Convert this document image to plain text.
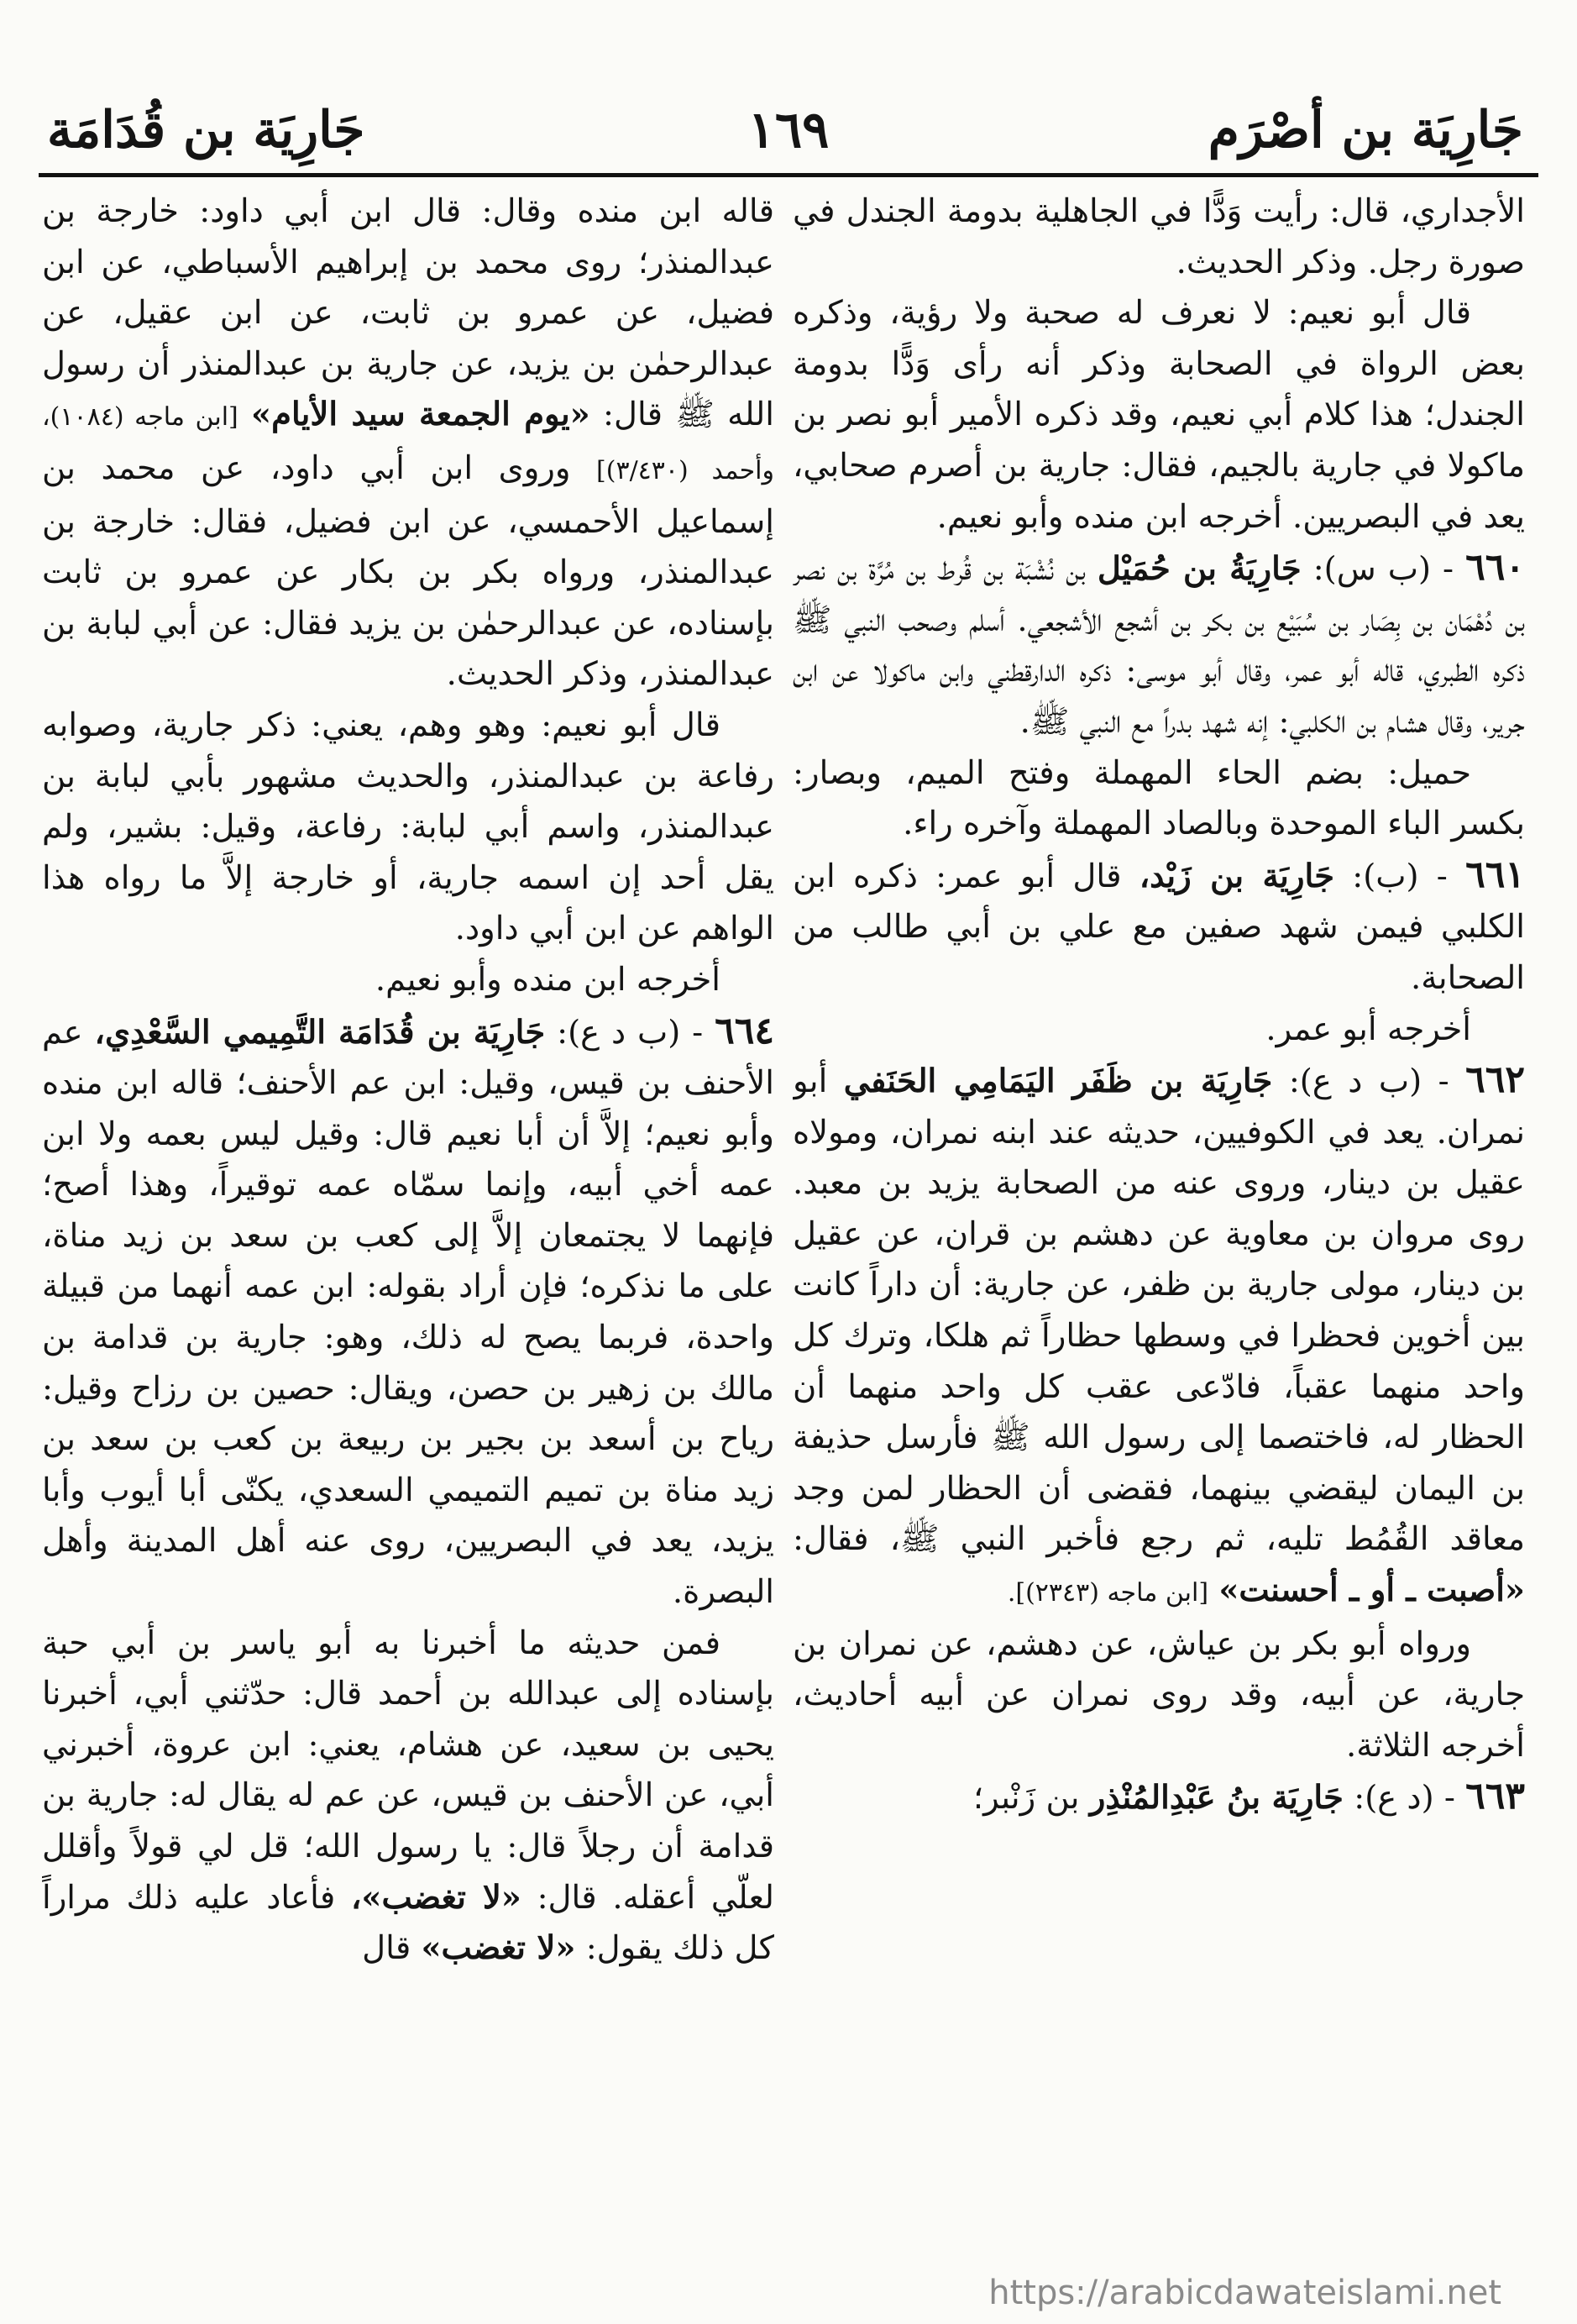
جَارِيَة بن أصْرَم
١٦٩
جَارِيَة بن قُدَامَة

الأجداري، قال: رأيت وَدًّا في الجاهلية بدومة الجندل في صورة رجل. وذكر الحديث.

قال أبو نعيم: لا نعرف له صحبة ولا رؤية، وذكره بعض الرواة في الصحابة وذكر أنه رأى وَدًّا بدومة الجندل؛ هذا كلام أبي نعيم، وقد ذكره الأمير أبو نصر بن ماكولا في جارية بالجيم، فقال: جارية بن أصرم صحابي، يعد في البصريين. أخرجه ابن منده وأبو نعيم.

٦٦٠ - (ب س): جَارِيَةُ بن حُمَيْل بن نُشْبَة بن قُرط بن مُرَّة بن نصر بن دُهْمَان بن بِصَار بن سُبَيْع بن بكر بن أشجع الأشجعي. أسلم وصحب النبي ﷺ ذكره الطبري، قاله أبو عمر، وقال أبو موسى: ذكره الدارقطني وابن ماكولا عن ابن جرير، وقال هشام بن الكلبي: إنه شهد بدراً مع النبي ﷺ.

حميل: بضم الحاء المهملة وفتح الميم، وبصار: بكسر الباء الموحدة وبالصاد المهملة وآخره راء.

٦٦١ - (ب): جَارِيَة بن زَيْد، قال أبو عمر: ذكره ابن الكلبي فيمن شهد صفين مع علي بن أبي طالب من الصحابة.

أخرجه أبو عمر.

٦٦٢ - (ب د ع): جَارِيَة بن ظَفَر اليَمَامِي الحَنَفي أبو نمران. يعد في الكوفيين، حديثه عند ابنه نمران، ومولاه عقيل بن دينار، وروى عنه من الصحابة يزيد بن معبد. روى مروان بن معاوية عن دهشم بن قران، عن عقيل بن دينار، مولى جارية بن ظفر، عن جارية: أن داراً كانت بين أخوين فحظرا في وسطها حظاراً ثم هلكا، وترك كل واحد منهما عقباً، فادّعى عقب كل واحد منهما أن الحظار له، فاختصما إلى رسول الله ﷺ فأرسل حذيفة بن اليمان ليقضي بينهما، فقضى أن الحظار لمن وجد معاقد القُمُط تليه، ثم رجع فأخبر النبي ﷺ، فقال: «أصبت ـ أو ـ أحسنت» [ابن ماجه (٢٣٤٣)].

ورواه أبو بكر بن عياش، عن دهشم، عن نمران بن جارية، عن أبيه، وقد روى نمران عن أبيه أحاديث، أخرجه الثلاثة.

٦٦٣ - (د ع): جَارِيَة بنُ عَبْدِالمُنْذِر بن زَنْبر؛

قاله ابن منده وقال: قال ابن أبي داود: خارجة بن عبدالمنذر؛ روى محمد بن إبراهيم الأسباطي، عن ابن فضيل، عن عمرو بن ثابت، عن ابن عقيل، عن عبدالرحمٰن بن يزيد، عن جارية بن عبدالمنذر أن رسول الله ﷺ قال: «يوم الجمعة سيد الأيام» [ابن ماجه (١٠٨٤)، وأحمد (٣/٤٣٠)] وروى ابن أبي داود، عن محمد بن إسماعيل الأحمسي، عن ابن فضيل، فقال: خارجة بن عبدالمنذر، ورواه بكر بن بكار عن عمرو بن ثابت بإسناده، عن عبدالرحمٰن بن يزيد فقال: عن أبي لبابة بن عبدالمنذر، وذكر الحديث.

قال أبو نعيم: وهو وهم، يعني: ذكر جارية، وصوابه رفاعة بن عبدالمنذر، والحديث مشهور بأبي لبابة بن عبدالمنذر، واسم أبي لبابة: رفاعة، وقيل: بشير، ولم يقل أحد إن اسمه جارية، أو خارجة إلاَّ ما رواه هذا الواهم عن ابن أبي داود.

أخرجه ابن منده وأبو نعيم.

٦٦٤ - (ب د ع): جَارِيَة بن قُدَامَة التَّمِيمي السَّعْدِي، عم الأحنف بن قيس، وقيل: ابن عم الأحنف؛ قاله ابن منده وأبو نعيم؛ إلاَّ أن أبا نعيم قال: وقيل ليس بعمه ولا ابن عمه أخي أبيه، وإنما سمّاه عمه توقيراً، وهذا أصح؛ فإنهما لا يجتمعان إلاَّ إلى كعب بن سعد بن زيد مناة، على ما نذكره؛ فإن أراد بقوله: ابن عمه أنهما من قبيلة واحدة، فربما يصح له ذلك، وهو: جارية بن قدامة بن مالك بن زهير بن حصن، ويقال: حصين بن رزاح وقيل: رياح بن أسعد بن بجير بن ربيعة بن كعب بن سعد بن زيد مناة بن تميم التميمي السعدي، يكنّى أبا أيوب وأبا يزيد، يعد في البصريين، روى عنه أهل المدينة وأهل البصرة.

فمن حديثه ما أخبرنا به أبو ياسر بن أبي حبة بإسناده إلى عبدالله بن أحمد قال: حدّثني أبي، أخبرنا يحيى بن سعيد، عن هشام، يعني: ابن عروة، أخبرني أبي، عن الأحنف بن قيس، عن عم له يقال له: جارية بن قدامة أن رجلاً قال: يا رسول الله؛ قل لي قولاً وأقلل لعلّي أعقله. قال: «لا تغضب»، فأعاد عليه ذلك مراراً كل ذلك يقول: «لا تغضب» قال

https://arabicdawateislami.net
